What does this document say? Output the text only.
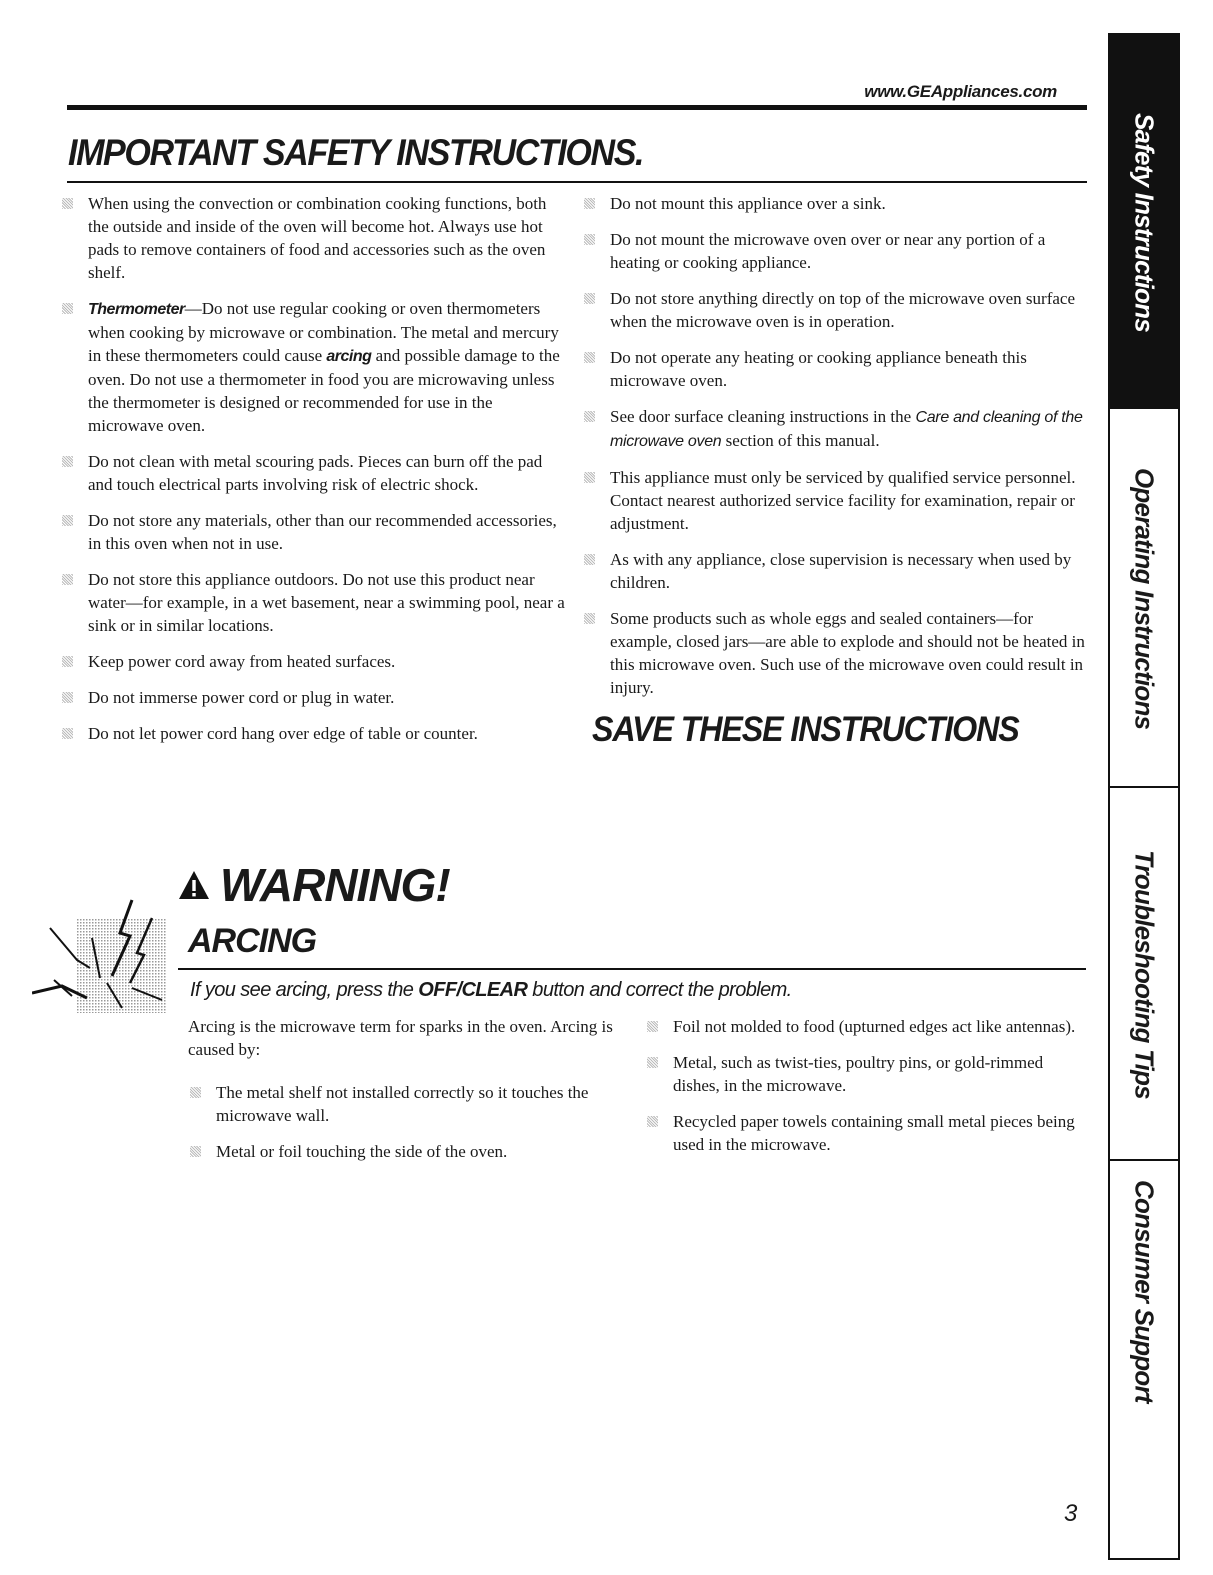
www.GEAppliances.com
IMPORTANT SAFETY INSTRUCTIONS.
When using the convection or combination cooking functions, both the outside and inside of the oven will become hot. Always use hot pads to remove containers of food and accessories such as the oven shelf.
Thermometer—Do not use regular cooking or oven thermometers when cooking by microwave or combination. The metal and mercury in these thermometers could cause arcing and possible damage to the oven. Do not use a thermometer in food you are microwaving unless the thermometer is designed or recommended for use in the microwave oven.
Do not clean with metal scouring pads. Pieces can burn off the pad and touch electrical parts involving risk of electric shock.
Do not store any materials, other than our recommended accessories, in this oven when not in use.
Do not store this appliance outdoors. Do not use this product near water—for example, in a wet basement, near a swimming pool, near a sink or in similar locations.
Keep power cord away from heated surfaces.
Do not immerse power cord or plug in water.
Do not let power cord hang over edge of table or counter.
Do not mount this appliance over a sink.
Do not mount the microwave oven over or near any portion of a heating or cooking appliance.
Do not store anything directly on top of the microwave oven surface when the microwave oven is in operation.
Do not operate any heating or cooking appliance beneath this microwave oven.
See door surface cleaning instructions in the Care and cleaning of the microwave oven section of this manual.
This appliance must only be serviced by qualified service personnel. Contact nearest authorized service facility for examination, repair or adjustment.
As with any appliance, close supervision is necessary when used by children.
Some products such as whole eggs and sealed containers—for example, closed jars—are able to explode and should not be heated in this microwave oven. Such use of the microwave oven could result in injury.
SAVE THESE INSTRUCTIONS
WARNING!
ARCING
If you see arcing, press the OFF/CLEAR button and correct the problem.
Arcing is the microwave term for sparks in the oven. Arcing is caused by:
The metal shelf not installed correctly so it touches the microwave wall.
Metal or foil touching the side of the oven.
Foil not molded to food (upturned edges act like antennas).
Metal, such as twist-ties, poultry pins, or gold-rimmed dishes, in the microwave.
Recycled paper towels containing small metal pieces being used in the microwave.
3
Safety Instructions
Operating Instructions
Troubleshooting Tips
Consumer Support
